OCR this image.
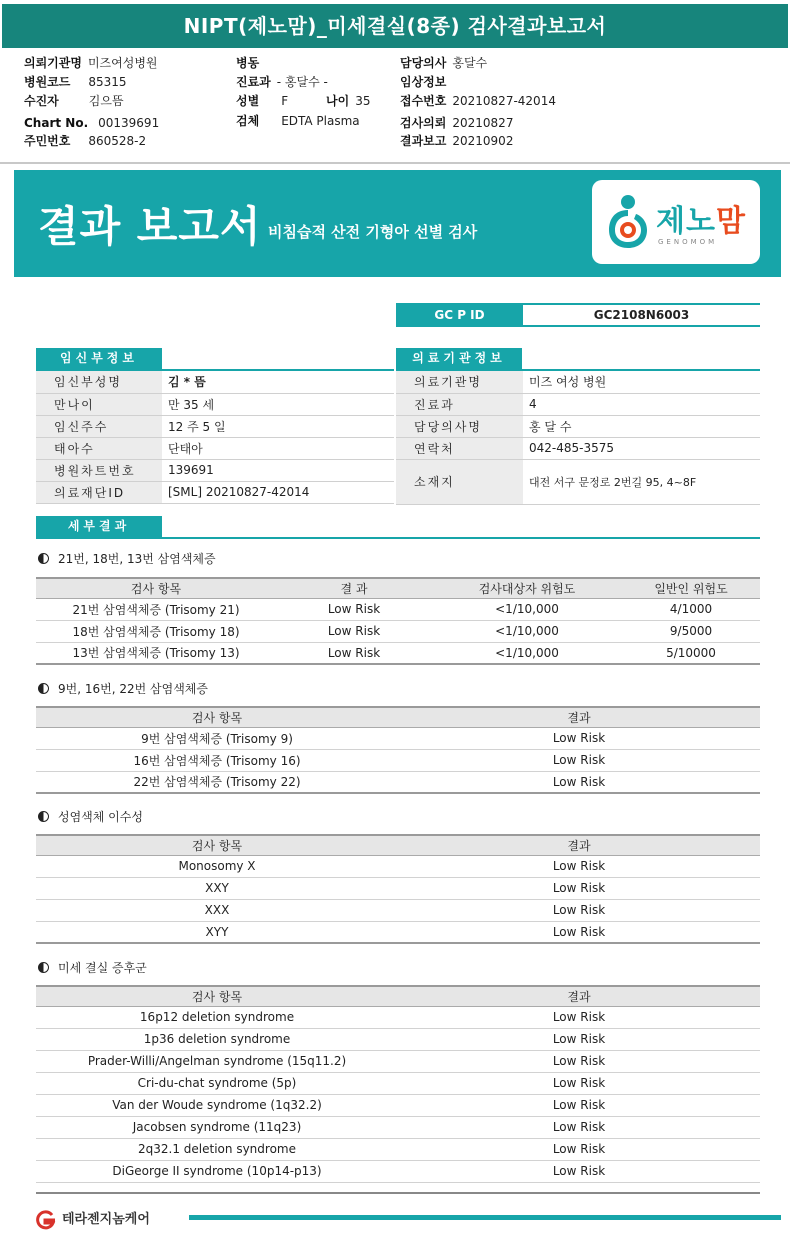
NIPT(제노맘)_미세결실(8종) 검사결과보고서
의뢰기관명 미즈여성병원
병원코드 85315
수진자	김으뜸
Chart No. 00139691
주민번호 860528-2
병동
진료과 - 홍달수 -
성별 F	나이 35
검체 EDTA Plasma
담당의사 홍달수
임상정보
접수번호 20210827-42014
검사의뢰 20210827
결과보고 20210902
결과 보고서 비침습적 산전 기형아 선별 검사	제노맘
GENOMOM
GC P ID	GC2108N6003
임신부정보
임신부성명	김 * 뜸
만나이	만 35 세
임신주수	12 주 5 일
태아수	단태아
병원차트번호	139691
의료재단ID	[SML] 20210827-42014
의료기관정보
의료기관명	미즈 여성 병원
진료과	4
담당의사명	홍 달 수
연락처	042-485-3575
소재지	대전 서구 문정로 2번길 95, 4~8F
세부결과
21번, 18번, 13번 삼염색체증
검사 항목	결 과	검사대상자 위험도	일반인 위험도
21번 삼염색체증 (Trisomy 21)	Low Risk	<1/10,000	4/1000
18번 삼염색체증 (Trisomy 18)	Low Risk	<1/10,000	9/5000
13번 삼염색체증 (Trisomy 13)	Low Risk	<1/10,000	5/10000
9번, 16번, 22번 삼염색체증
검사 항목	결과
9번 삼염색체증 (Trisomy 9)	Low Risk
16번 삼염색체증 (Trisomy 16)	Low Risk
22번 삼염색체증 (Trisomy 22)	Low Risk
성염색체 이수성
검사 항목	결과
Monosomy X	Low Risk
XXY	Low Risk
XXX	Low Risk
XYY	Low Risk
미세 결실 증후군
검사 항목	결과
16p12 deletion syndrome	Low Risk
1p36 deletion syndrome	Low Risk
Prader-Willi/Angelman syndrome (15q11.2)	Low Risk
Cri-du-chat syndrome (5p)	Low Risk
Van der Woude syndrome (1q32.2)	Low Risk
Jacobsen syndrome (11q23)	Low Risk
2q32.1 deletion syndrome	Low Risk
DiGeorge II syndrome (10p14-p13)	Low Risk
테라젠지놈케어
